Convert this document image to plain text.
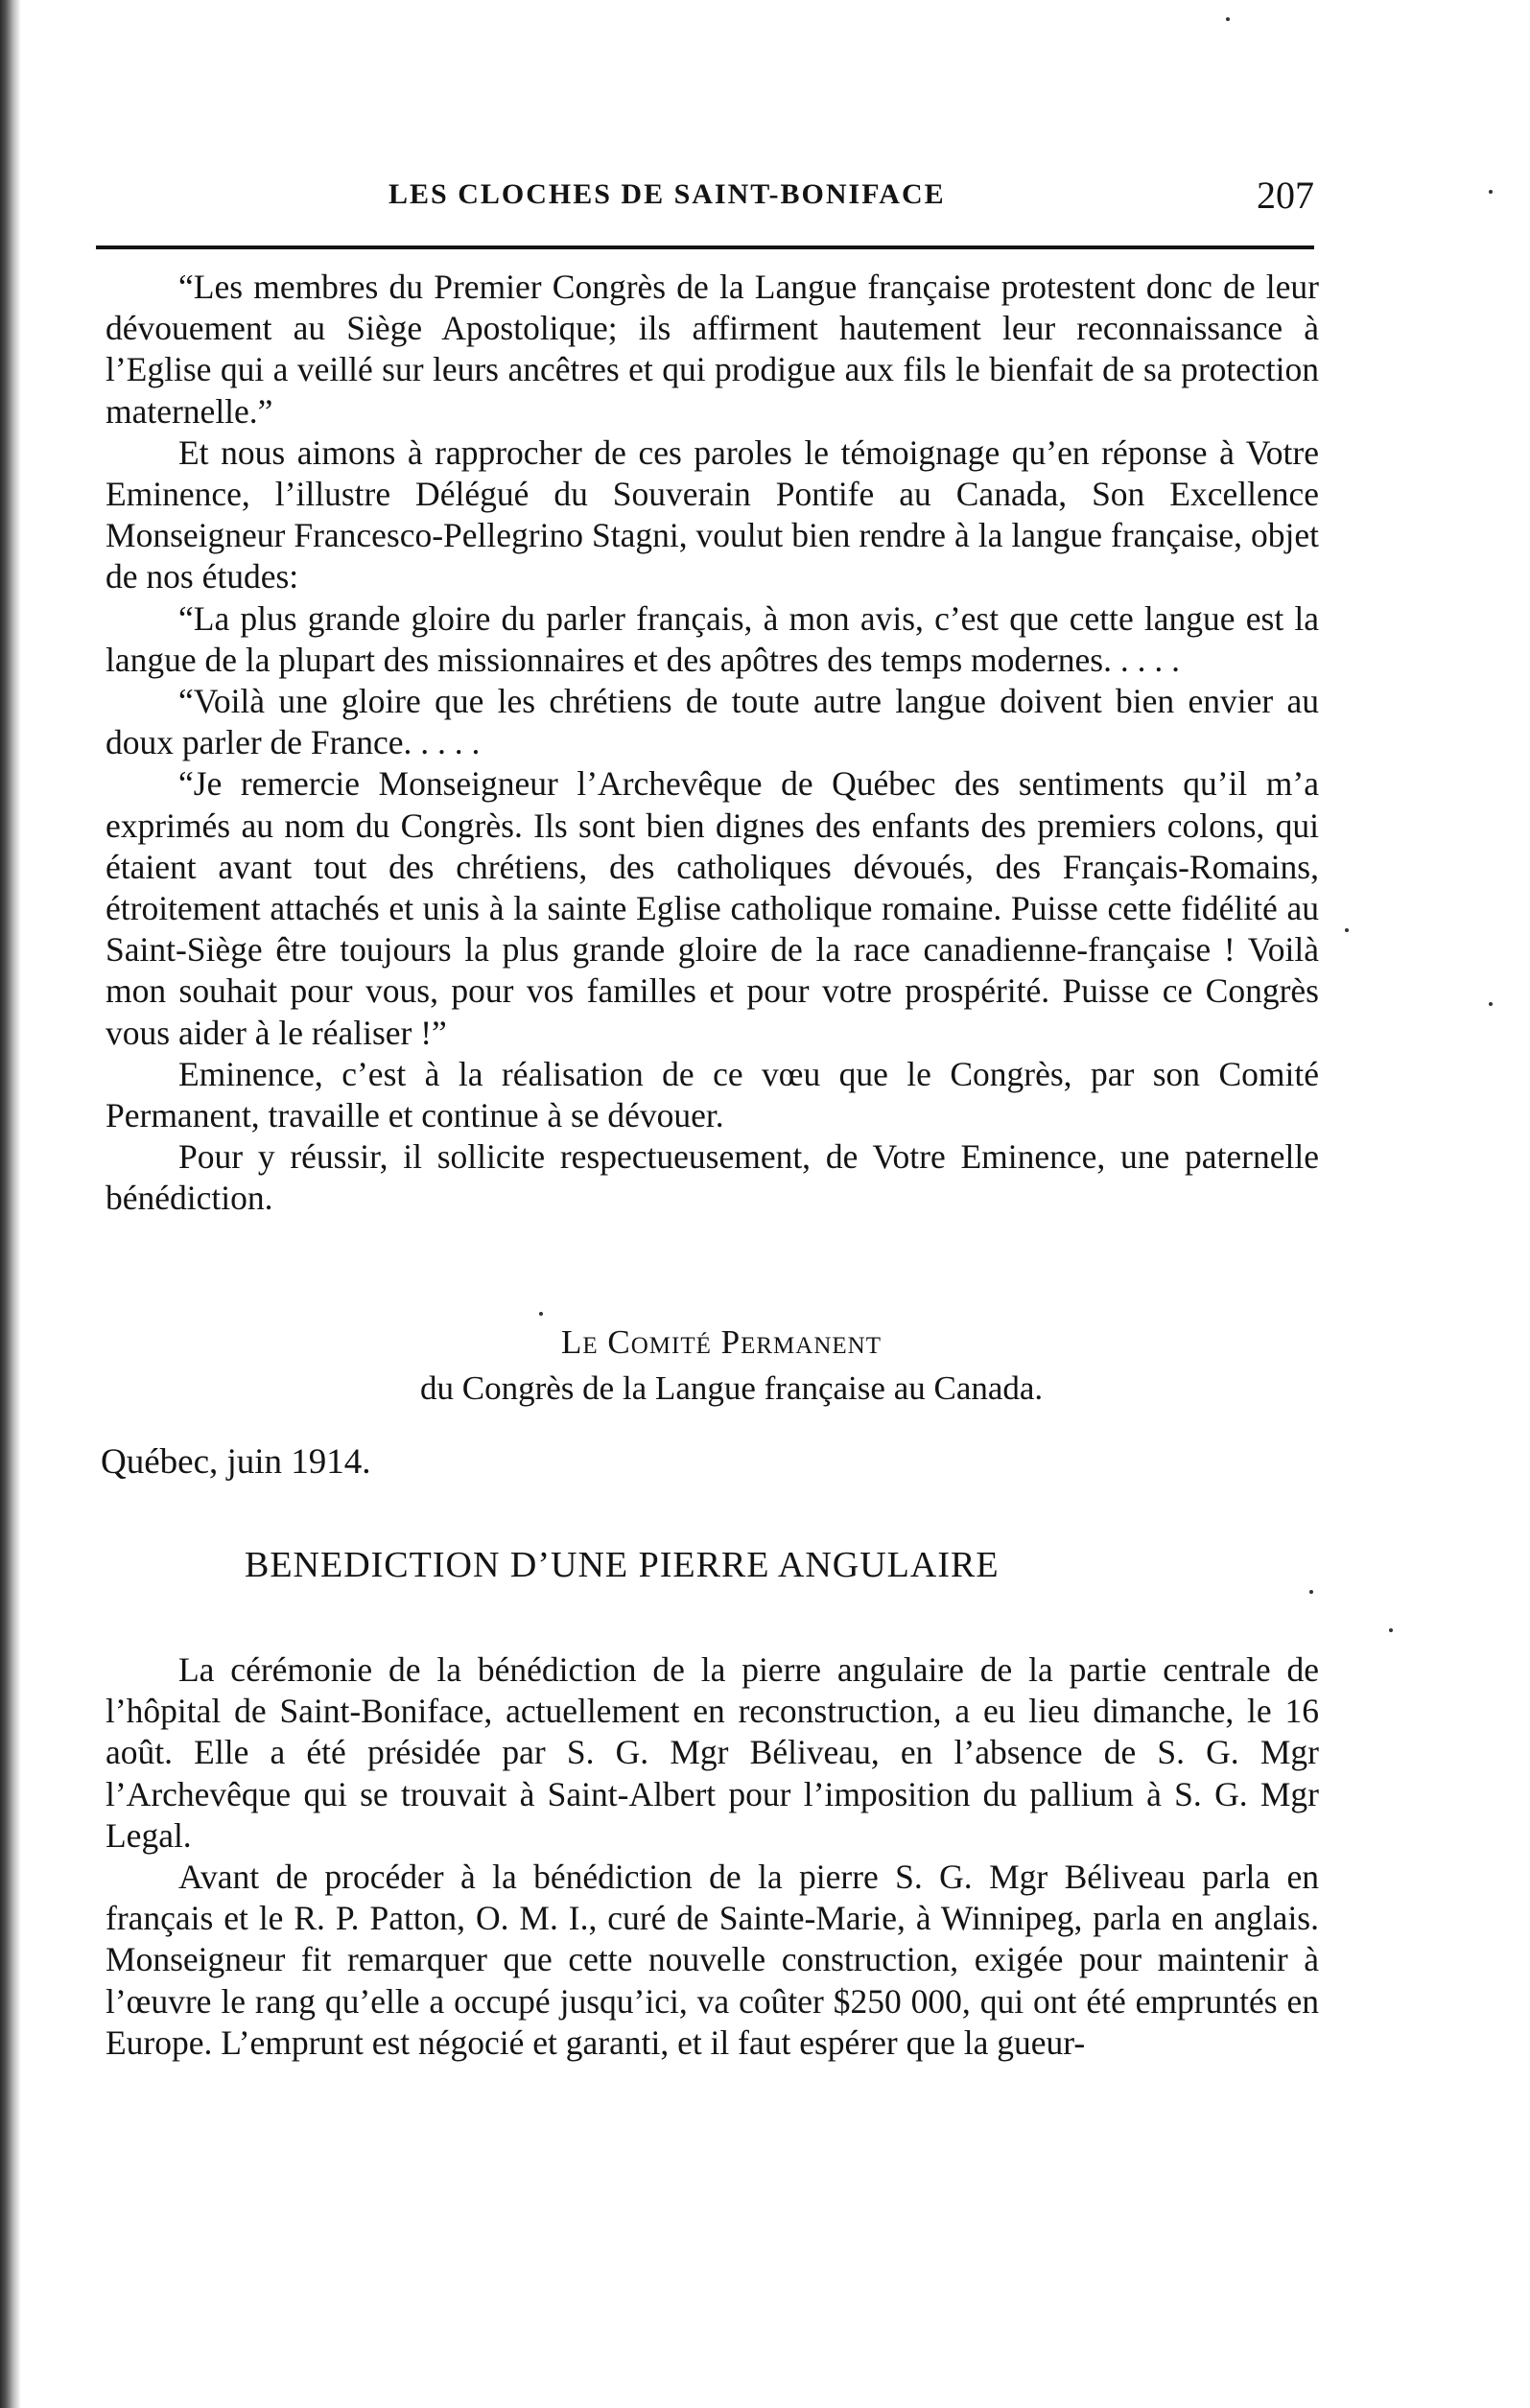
LES CLOCHES DE SAINT-BONIFACE	207

“Les membres du Premier Congrès de la Langue française protestent donc de leur dévouement au Siège Apostolique; ils affirment hautement leur reconnaissance à l’Eglise qui a veillé sur leurs ancêtres et qui prodigue aux fils le bienfait de sa protection maternelle.”

Et nous aimons à rapprocher de ces paroles le témoignage qu’en réponse à Votre Eminence, l’illustre Délégué du Souverain Pontife au Canada, Son Excellence Monseigneur Francesco-Pellegrino Stagni, voulut bien rendre à la langue française, objet de nos études:

“La plus grande gloire du parler français, à mon avis, c’est que cette langue est la langue de la plupart des missionnaires et des apôtres des temps modernes. . . . .

“Voilà une gloire que les chrétiens de toute autre langue doivent bien envier au doux parler de France. . . . .

“Je remercie Monseigneur l’Archevêque de Québec des sentiments qu’il m’a exprimés au nom du Congrès. Ils sont bien dignes des enfants des premiers colons, qui étaient avant tout des chrétiens, des catholiques dévoués, des Français-Romains, étroitement attachés et unis à la sainte Eglise catholique romaine. Puisse cette fidélité au Saint-Siège être toujours la plus grande gloire de la race canadienne-française ! Voilà mon souhait pour vous, pour vos familles et pour votre prospérité. Puisse ce Congrès vous aider à le réaliser !”

Eminence, c’est à la réalisation de ce vœu que le Congrès, par son Comité Permanent, travaille et continue à se dévouer.

Pour y réussir, il sollicite respectueusement, de Votre Eminence, une paternelle bénédiction.

Le Comité Permanent
du Congrès de la Langue française au Canada.
Québec, juin 1914.
BENEDICTION D’UNE PIERRE ANGULAIRE

La cérémonie de la bénédiction de la pierre angulaire de la partie centrale de l’hôpital de Saint-Boniface, actuellement en reconstruction, a eu lieu dimanche, le 16 août. Elle a été présidée par S. G. Mgr Béliveau, en l’absence de S. G. Mgr l’Archevêque qui se trouvait à Saint-Albert pour l’imposition du pallium à S. G. Mgr Legal.

Avant de procéder à la bénédiction de la pierre S. G. Mgr Béliveau parla en français et le R. P. Patton, O. M. I., curé de Sainte-Marie, à Winnipeg, parla en anglais. Monseigneur fit remarquer que cette nouvelle construction, exigée pour maintenir à l’œuvre le rang qu’elle a occupé jusqu’ici, va coûter $250 000, qui ont été empruntés en Europe. L’emprunt est négocié et garanti, et il faut espérer que la gueur-
